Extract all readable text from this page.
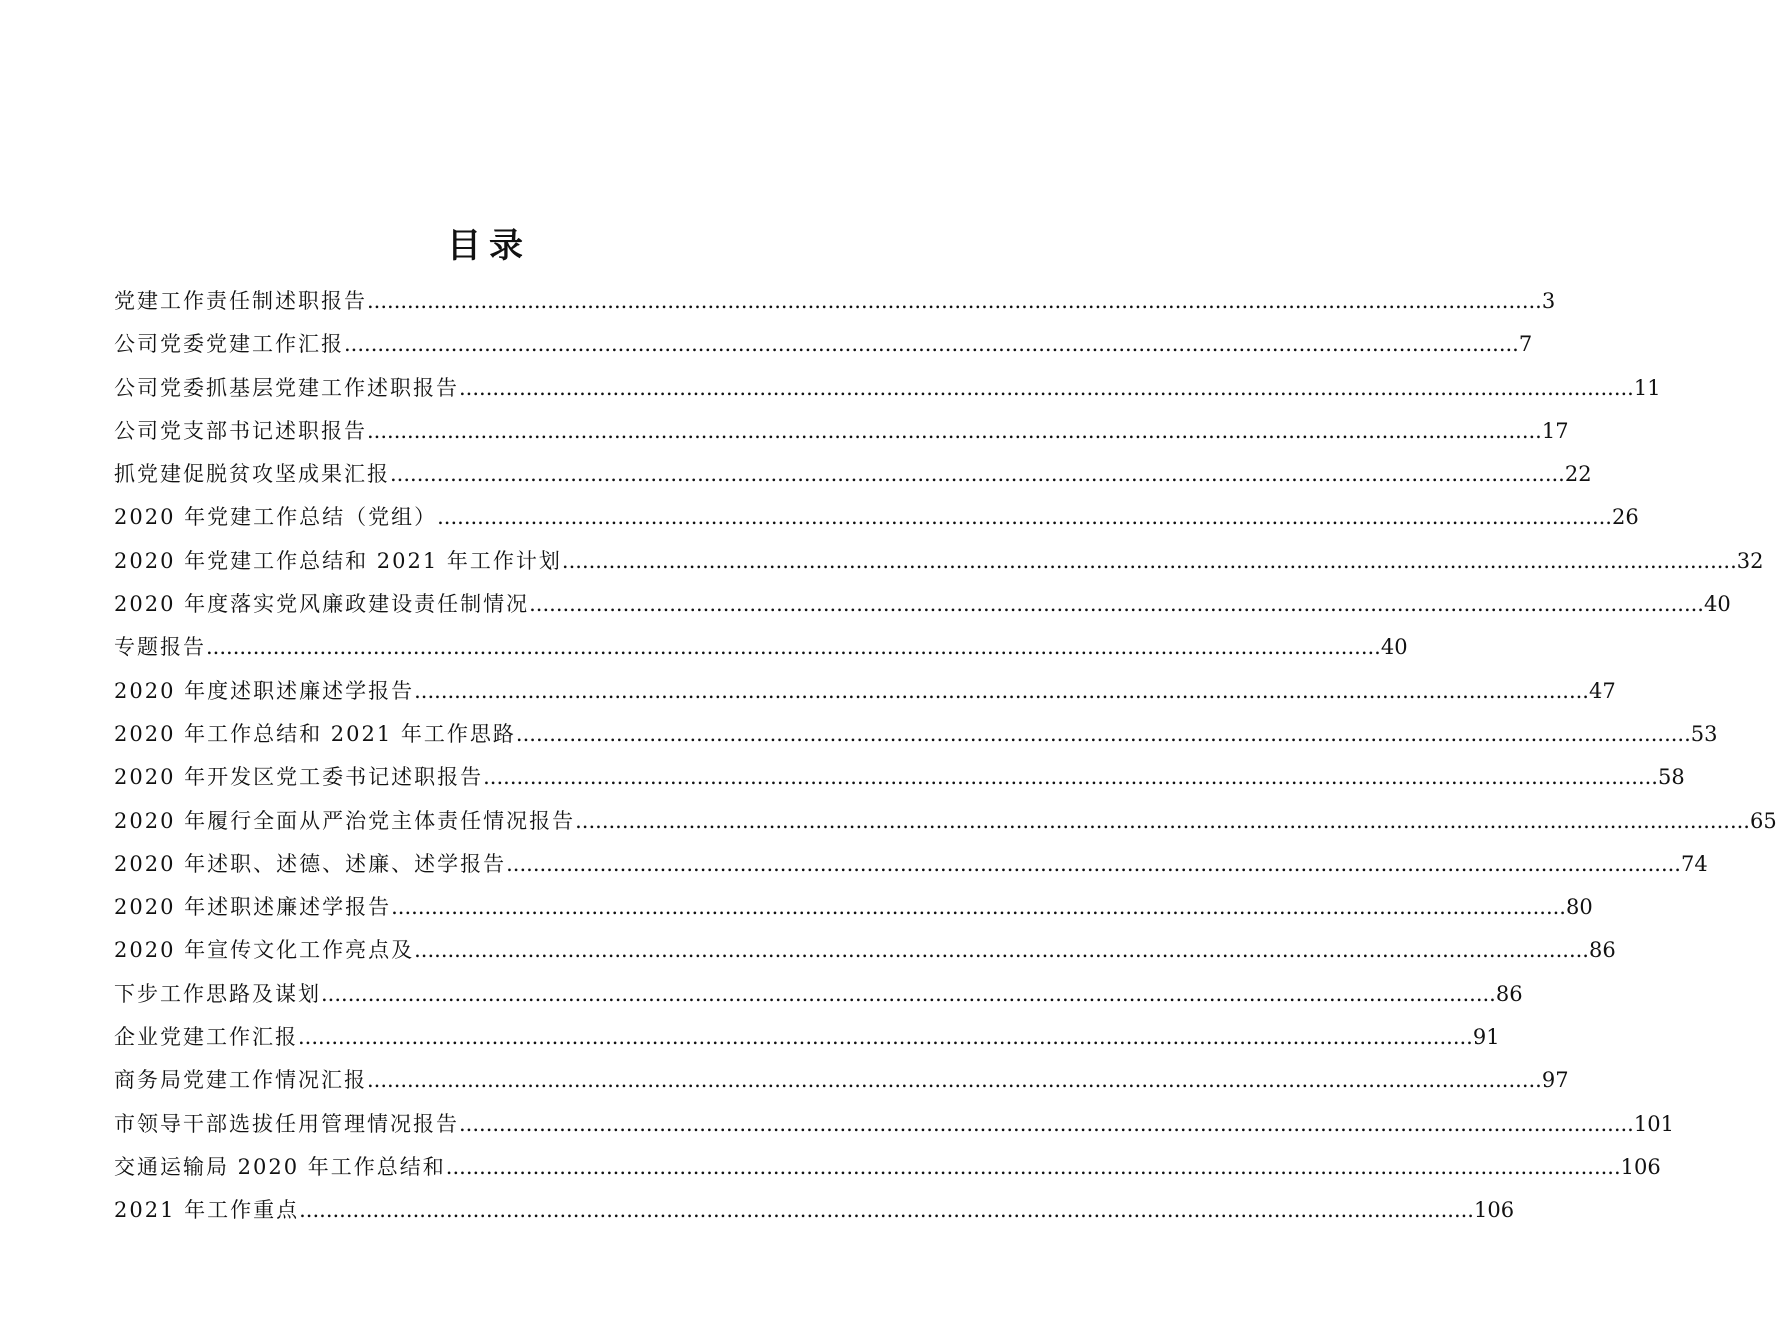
目录
党建工作责任制述职报告 ................................................................................................................................................................................ 3
公司党委党建工作汇报 ................................................................................................................................................................................ 7
公司党委抓基层党建工作述职报告 ................................................................................................................................................................................ 11
公司党支部书记述职报告 ................................................................................................................................................................................ 17
抓党建促脱贫攻坚成果汇报 ................................................................................................................................................................................ 22
2020 年党建工作总结（党组） ................................................................................................................................................................................ 26
2020 年党建工作总结和 2021 年工作计划 ................................................................................................................................................................................ 32
2020 年度落实党风廉政建设责任制情况 ................................................................................................................................................................................ 40
专题报告 ................................................................................................................................................................................ 40
2020 年度述职述廉述学报告 ................................................................................................................................................................................ 47
2020 年工作总结和 2021 年工作思路 ................................................................................................................................................................................ 53
2020 年开发区党工委书记述职报告 ................................................................................................................................................................................ 58
2020 年履行全面从严治党主体责任情况报告 ................................................................................................................................................................................ 65
2020 年述职、述德、述廉、述学报告 ................................................................................................................................................................................ 74
2020 年述职述廉述学报告 ................................................................................................................................................................................ 80
2020 年宣传文化工作亮点及 ................................................................................................................................................................................ 86
下步工作思路及谋划 ................................................................................................................................................................................ 86
企业党建工作汇报 ................................................................................................................................................................................ 91
商务局党建工作情况汇报 ................................................................................................................................................................................ 97
市领导干部选拔任用管理情况报告 ................................................................................................................................................................................ 101
交通运输局 2020 年工作总结和 ................................................................................................................................................................................ 106
2021 年工作重点 ................................................................................................................................................................................ 106
